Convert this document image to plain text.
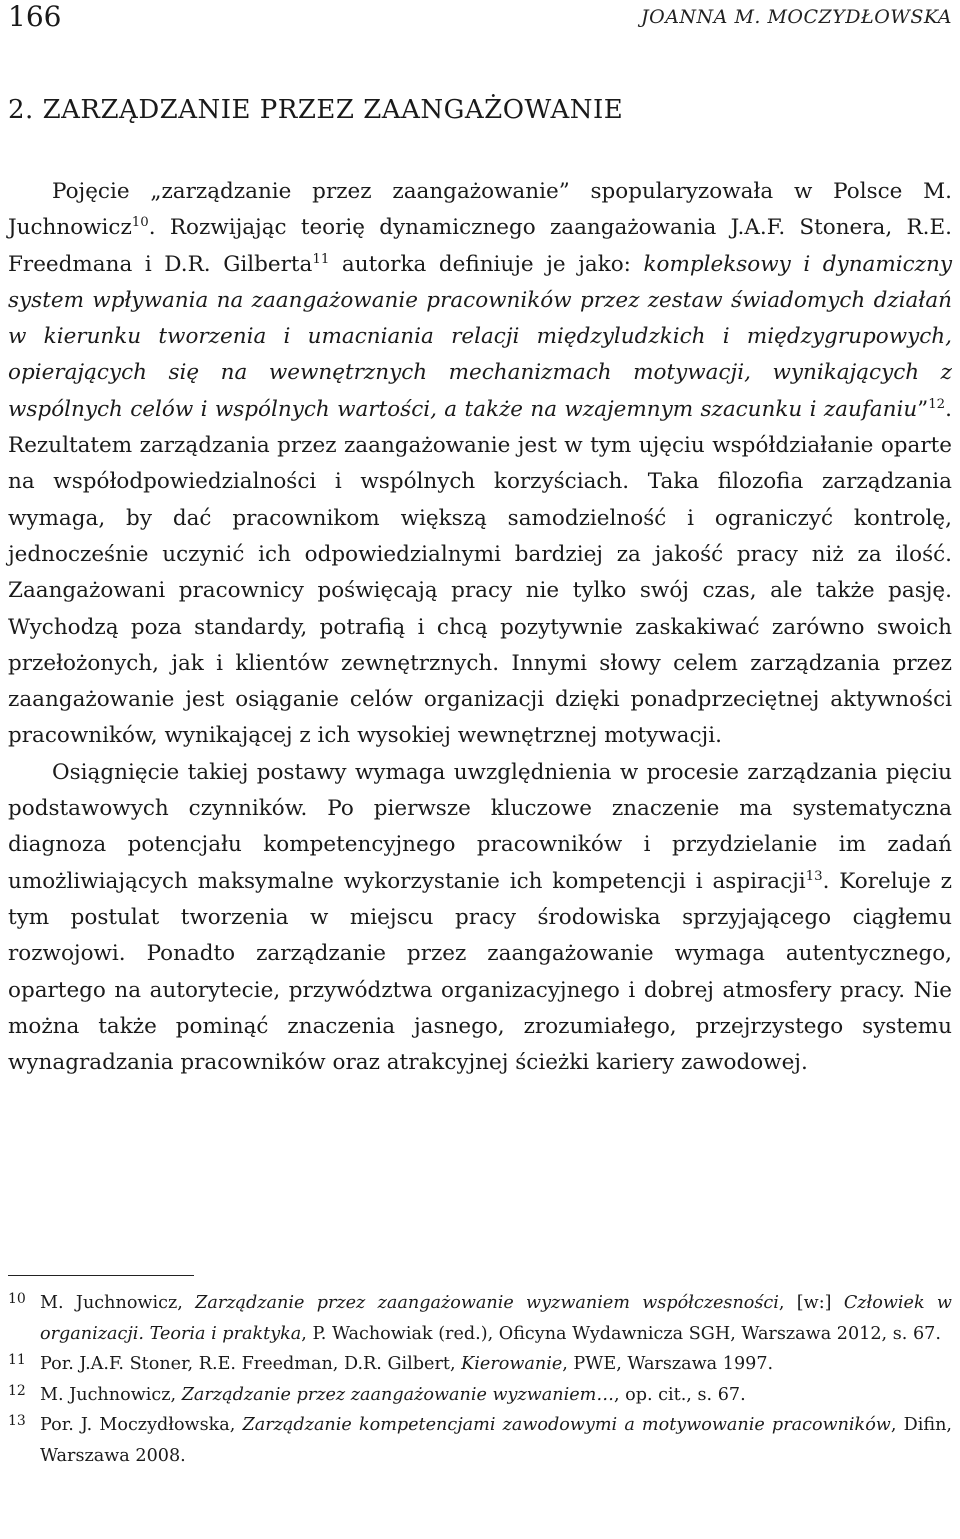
166	JOANNA M. MOCZYDŁOWSKA
2. ZARZĄDZANIE PRZEZ ZAANGAŻOWANIE

Pojęcie „zarządzanie przez zaangażowanie” spopularyzowała w Polsce M. Juchnowicz$^{10}$. Rozwijając teorię dynamicznego zaangażowania J.A.F. Stonera, R.E. Freedmana i D.R. Gilberta$^{11}$ autorka definiuje je jako: kompleksowy i dynamiczny system wpływania na zaangażowanie pracowników przez zestaw świadomych działań w kierunku tworzenia i umacniania relacji międzyludzkich i międzygrupowych, opierających się na wewnętrznych mechanizmach motywacji, wynikających z wspólnych celów i wspólnych wartości, a także na wzajemnym szacunku i zaufaniu”$^{12}$. Rezultatem zarządzania przez zaangażowanie jest w tym ujęciu współdziałanie oparte na współodpowiedzialności i wspólnych korzyściach. Taka filozofia zarządzania wymaga, by dać pracownikom większą samodzielność i ograniczyć kontrolę, jednocześnie uczynić ich odpowiedzialnymi bardziej za jakość pracy niż za ilość. Zaangażowani pracownicy poświęcają pracy nie tylko swój czas, ale także pasję. Wychodzą poza standardy, potrafią i chcą pozytywnie zaskakiwać zarówno swoich przełożonych, jak i klientów zewnętrznych. Innymi słowy celem zarządzania przez zaangażowanie jest osiąganie celów organizacji dzięki ponadprzeciętnej aktywności pracowników, wynikającej z ich wysokiej wewnętrznej motywacji.

Osiągnięcie takiej postawy wymaga uwzględnienia w procesie zarządzania pięciu podstawowych czynników. Po pierwsze kluczowe znaczenie ma systematyczna diagnoza potencjału kompetencyjnego pracowników i przydzielanie im zadań umożliwiających maksymalne wykorzystanie ich kompetencji i aspiracji$^{13}$. Koreluje z tym postulat tworzenia w miejscu pracy środowiska sprzyjającego ciągłemu rozwojowi. Ponadto zarządzanie przez zaangażowanie wymaga autentycznego, opartego na autorytecie, przywództwa organizacyjnego i dobrej atmosfery pracy. Nie można także pominąć znaczenia jasnego, zrozumiałego, przejrzystego systemu wynagradzania pracowników oraz atrakcyjnej ścieżki kariery zawodowej.

10 M. Juchnowicz, Zarządzanie przez zaangażowanie wyzwaniem współczesności, [w:] Człowiek w organizacji. Teoria i praktyka, P. Wachowiak (red.), Oficyna Wydawnicza SGH, Warszawa 2012, s. 67.
11 Por. J.A.F. Stoner, R.E. Freedman, D.R. Gilbert, Kierowanie, PWE, Warszawa 1997.
12 M. Juchnowicz, Zarządzanie przez zaangażowanie wyzwaniem…, op. cit., s. 67.
13 Por. J. Moczydłowska, Zarządzanie kompetencjami zawodowymi a motywowanie pracowników, Difin, Warszawa 2008.
